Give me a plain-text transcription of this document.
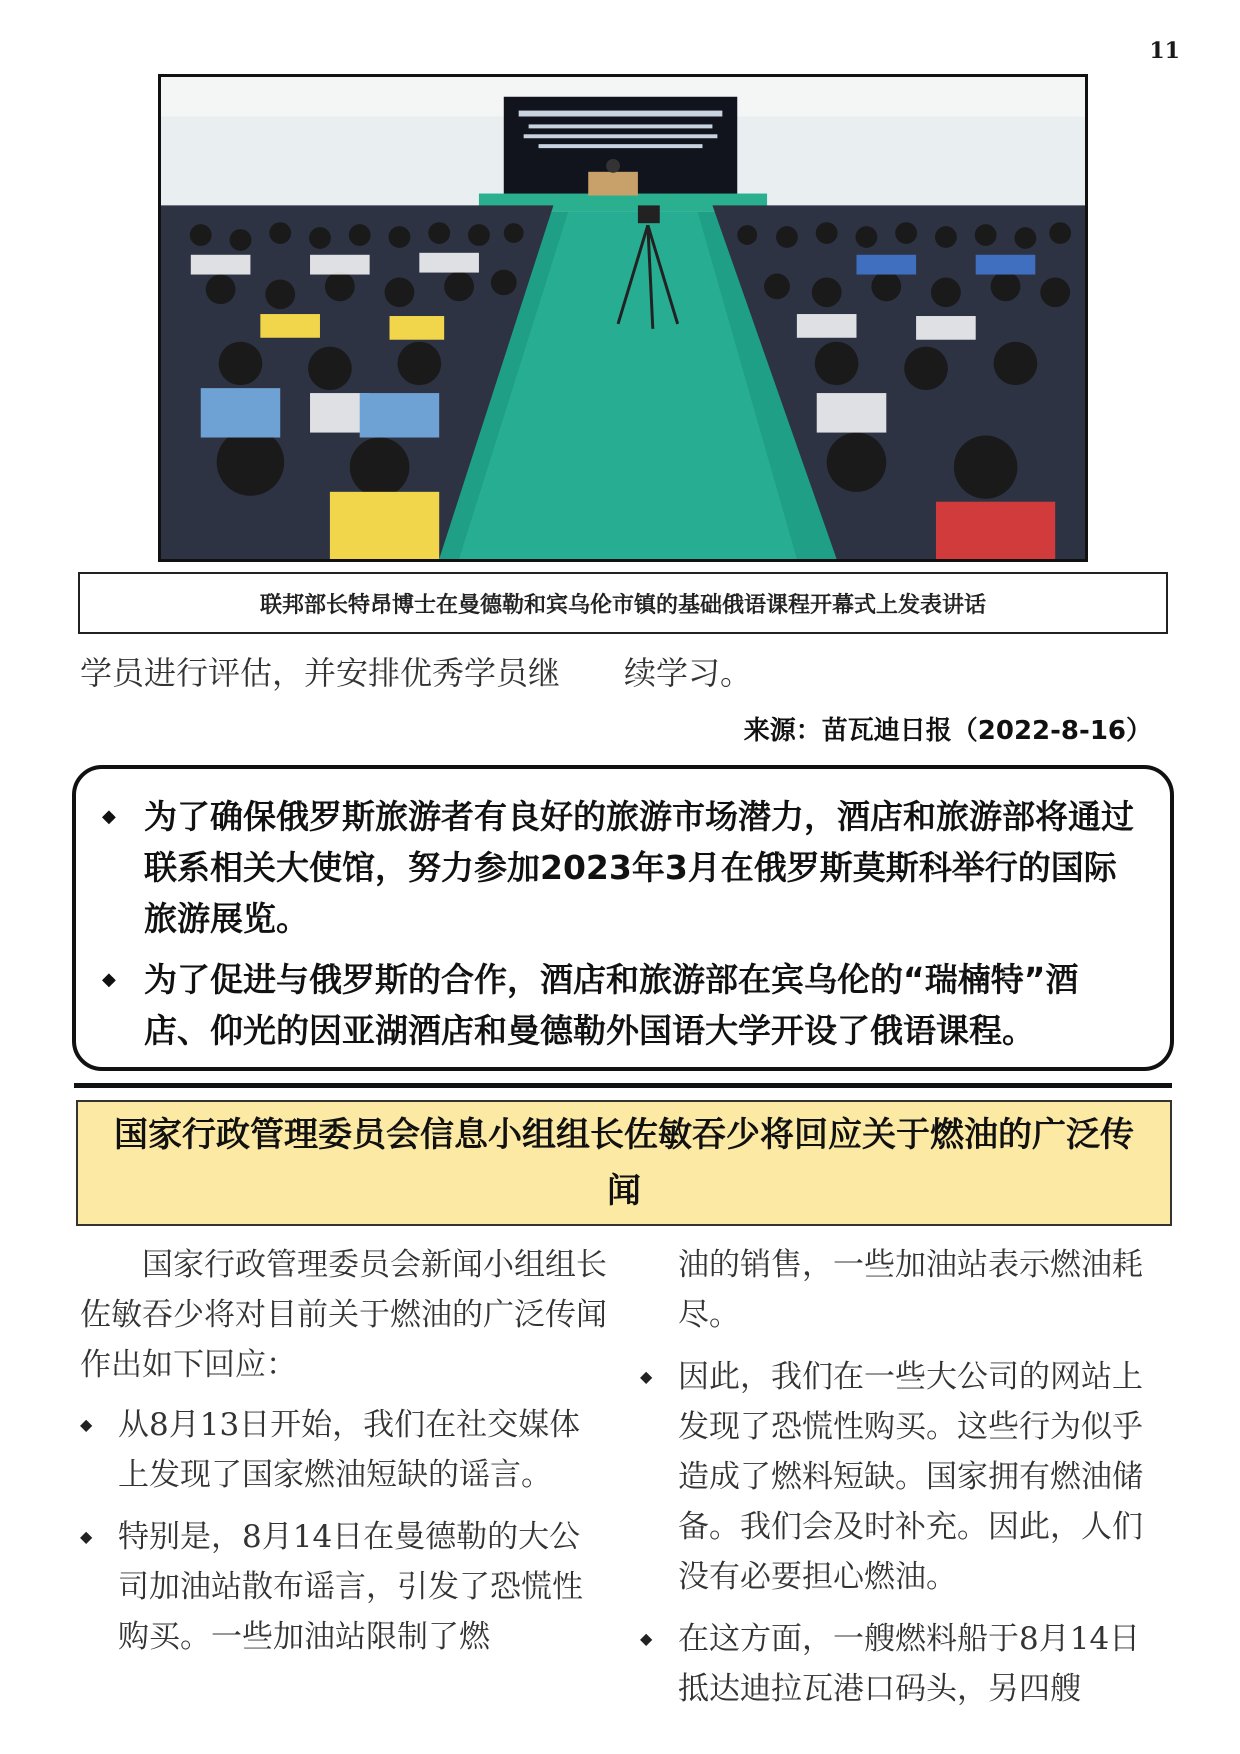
11
联邦部长特昂博士在曼德勒和宾乌伦市镇的基础俄语课程开幕式上发表讲话
学员进行评估，并安排优秀学员继　　续学习。
来源：苗瓦迪日报（2022-8-16）
◆ 为了确保俄罗斯旅游者有良好的旅游市场潜力，酒店和旅游部将通过联系相关大使馆，努力参加2023年3月在俄罗斯莫斯科举行的国际旅游展览。
◆ 为了促进与俄罗斯的合作，酒店和旅游部在宾乌伦的“瑞楠特”酒店、仰光的因亚湖酒店和曼德勒外国语大学开设了俄语课程。
国家行政管理委员会信息小组组长佐敏吞少将回应关于燃油的广泛传闻

国家行政管理委员会新闻小组组长佐敏吞少将对目前关于燃油的广泛传闻作出如下回应：

◆ 从8月13日开始，我们在社交媒体上发现了国家燃油短缺的谣言。
◆ 特别是，8月14日在曼德勒的大公司加油站散布谣言，引发了恐慌性购买。一些加油站限制了燃
油的销售，一些加油站表示燃油耗尽。
◆ 因此，我们在一些大公司的网站上发现了恐慌性购买。这些行为似乎造成了燃料短缺。国家拥有燃油储备。我们会及时补充。因此，人们没有必要担心燃油。
◆ 在这方面，一艘燃料船于8月14日抵达迪拉瓦港口码头，另四艘
